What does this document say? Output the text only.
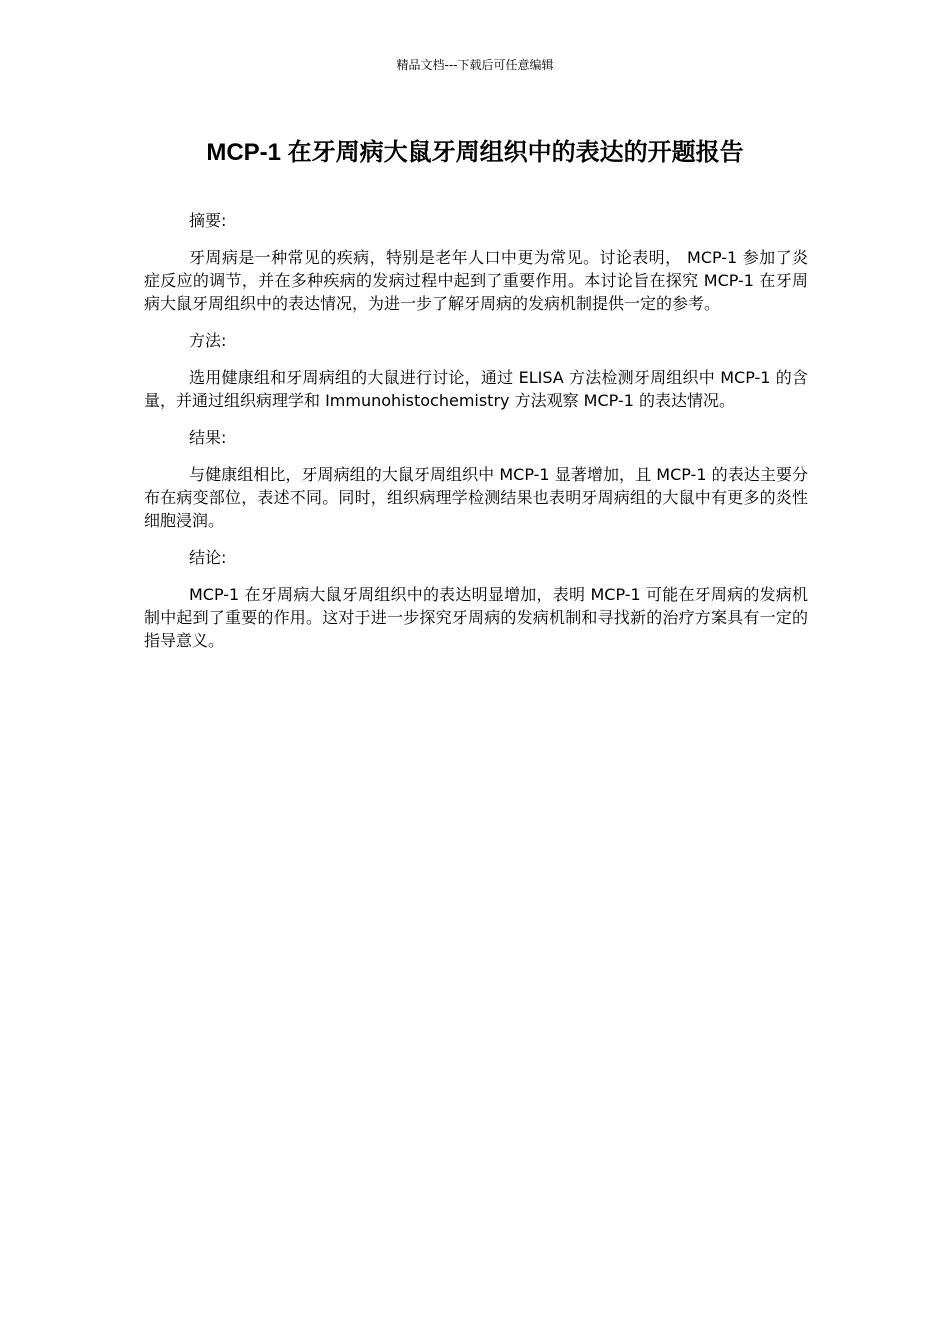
精品文档---下载后可任意编辑
MCP-1 在牙周病大鼠牙周组织中的表达的开题报告

摘要:

牙周病是一种常见的疾病，特别是老年人口中更为常见。讨论表明， MCP-1 参加了炎症反应的调节，并在多种疾病的发病过程中起到了重要作用。本讨论旨在探究 MCP-1 在牙周病大鼠牙周组织中的表达情况，为进一步了解牙周病的发病机制提供一定的参考。

方法:

选用健康组和牙周病组的大鼠进行讨论，通过 ELISA 方法检测牙周组织中 MCP-1 的含量，并通过组织病理学和 Immunohistochemistry 方法观察 MCP-1 的表达情况。

结果:

与健康组相比，牙周病组的大鼠牙周组织中 MCP-1 显著增加，且 MCP-1 的表达主要分布在病变部位，表述不同。同时，组织病理学检测结果也表明牙周病组的大鼠中有更多的炎性细胞浸润。

结论:

MCP-1 在牙周病大鼠牙周组织中的表达明显增加，表明 MCP-1 可能在牙周病的发病机制中起到了重要的作用。这对于进一步探究牙周病的发病机制和寻找新的治疗方案具有一定的指导意义。
